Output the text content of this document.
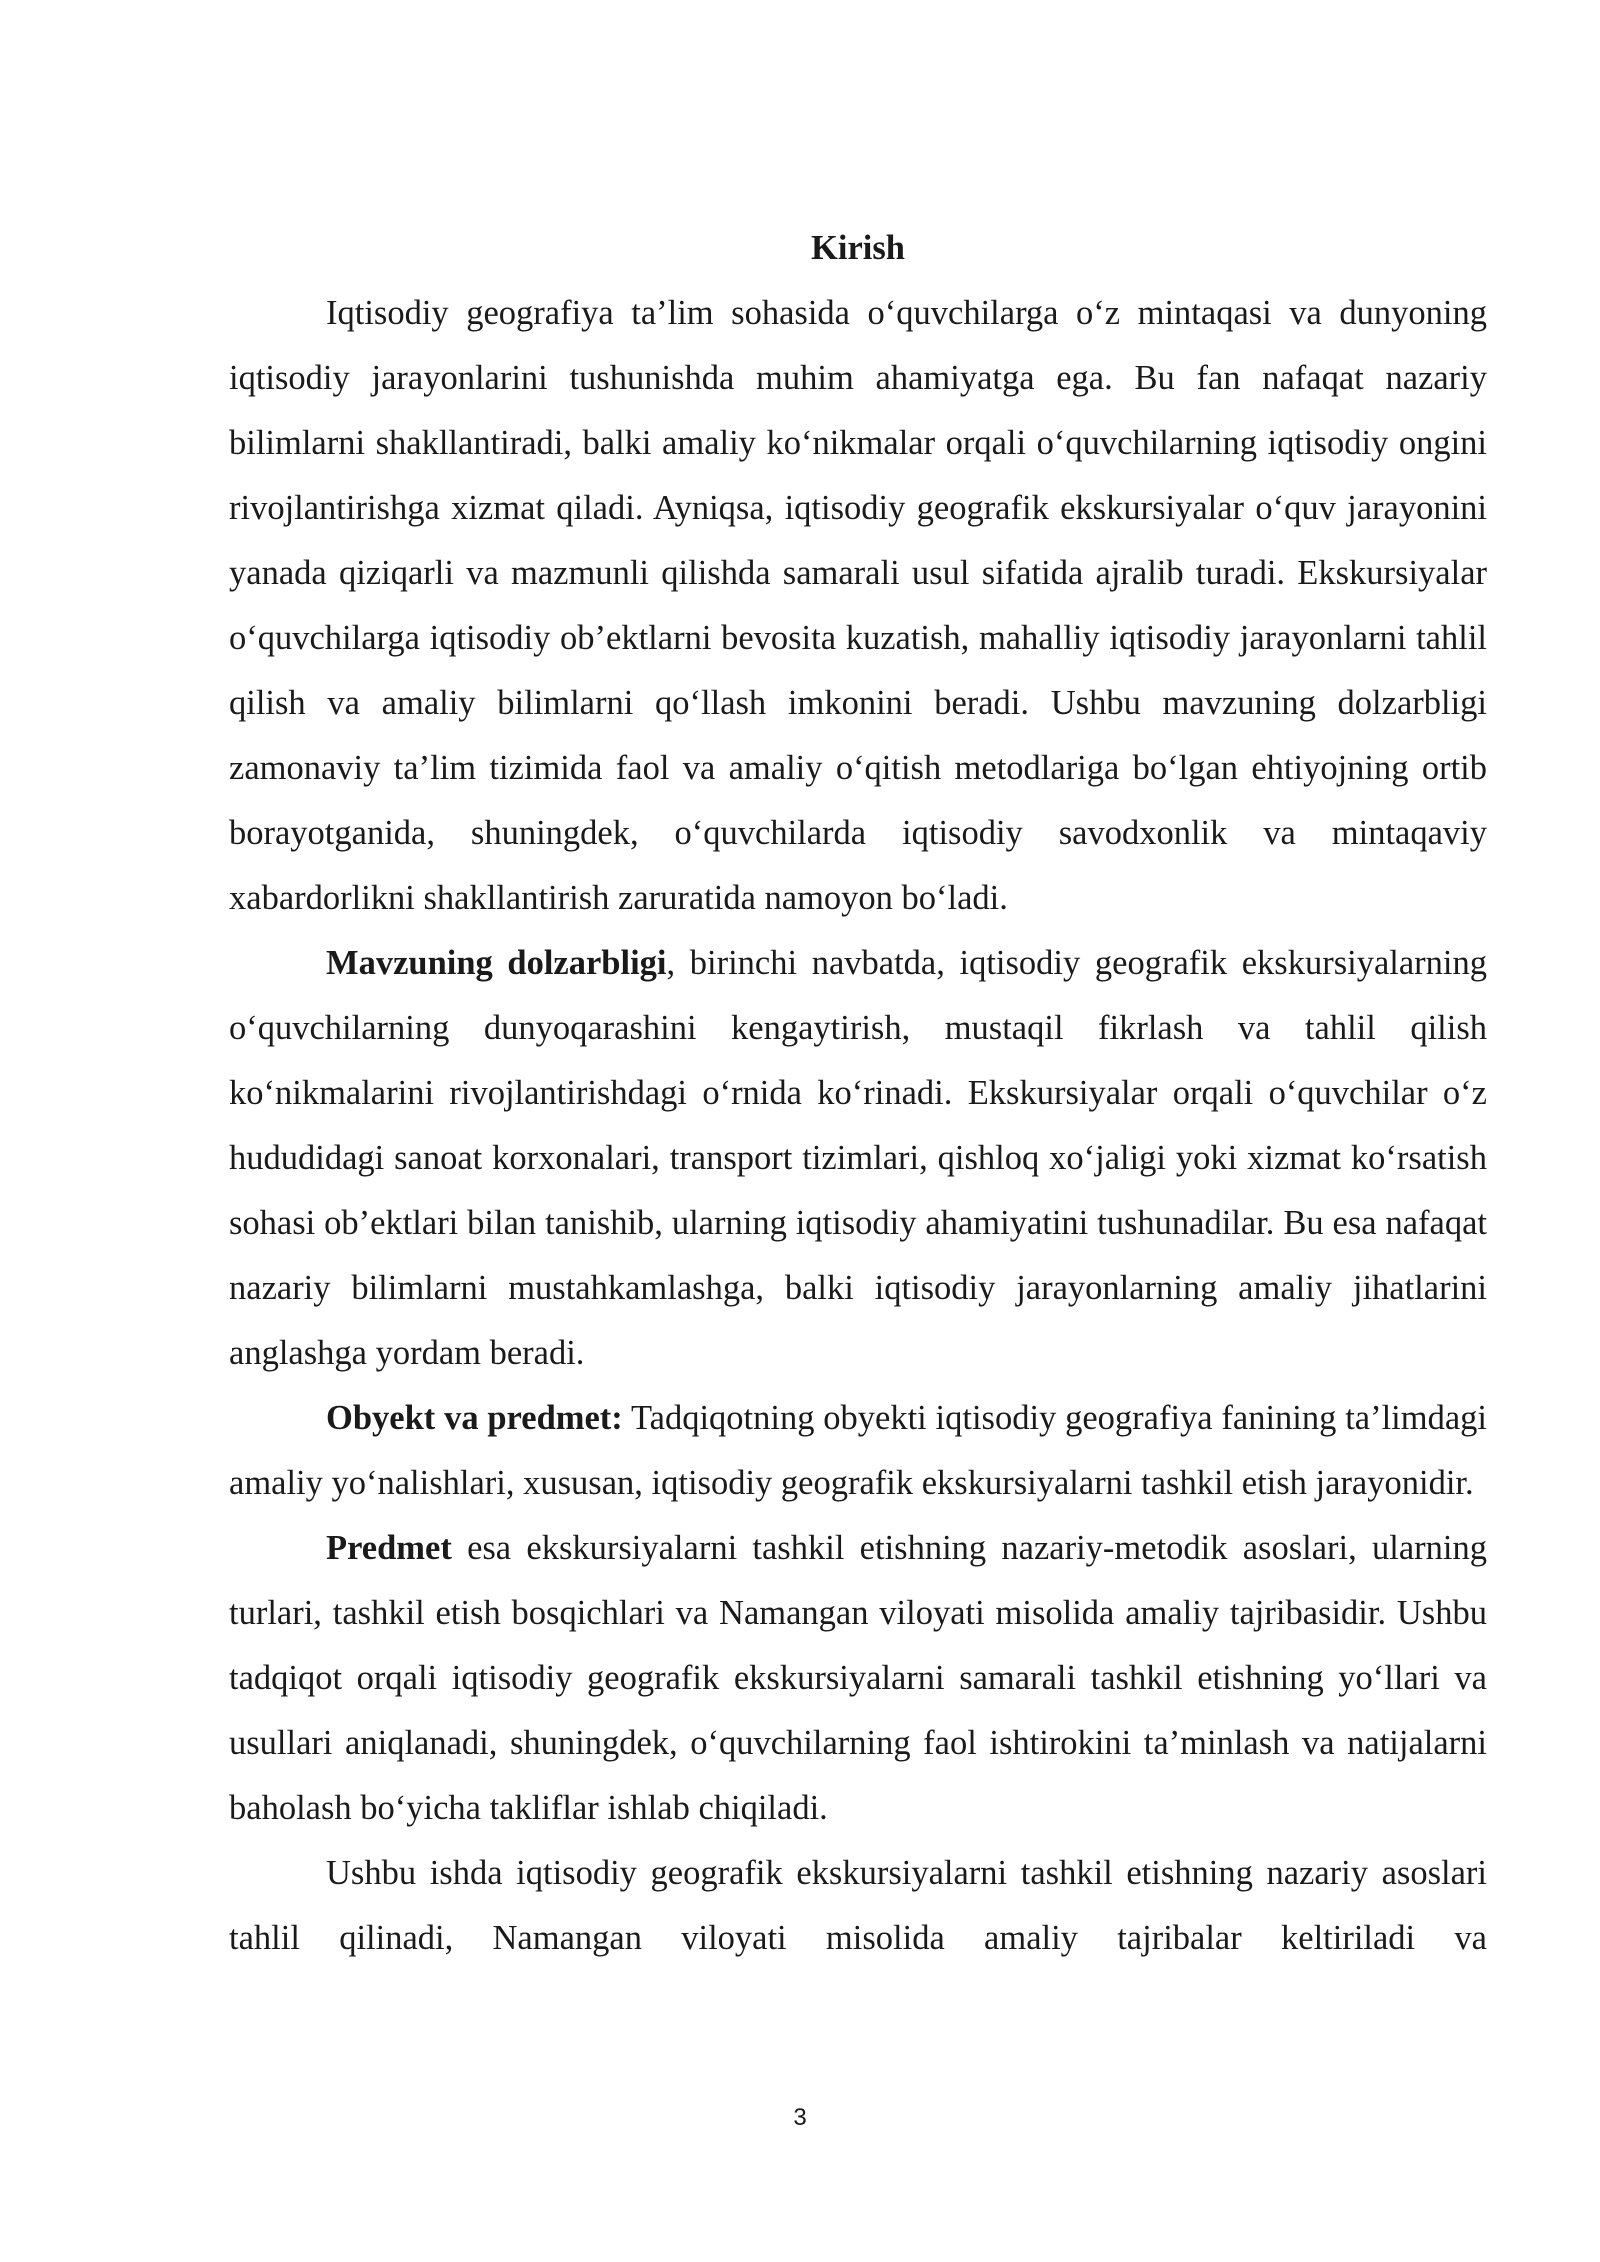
Kirish

Iqtisodiy geografiya ta’lim sohasida o‘quvchilarga o‘z mintaqasi va dunyoning iqtisodiy jarayonlarini tushunishda muhim ahamiyatga ega. Bu fan nafaqat nazariy bilimlarni shakllantiradi, balki amaliy ko‘nikmalar orqali o‘quvchilarning iqtisodiy ongini rivojlantirishga xizmat qiladi. Ayniqsa, iqtisodiy geografik ekskursiyalar o‘quv jarayonini yanada qiziqarli va mazmunli qilishda samarali usul sifatida ajralib turadi. Ekskursiyalar o‘quvchilarga iqtisodiy ob’ektlarni bevosita kuzatish, mahalliy iqtisodiy jarayonlarni tahlil qilish va amaliy bilimlarni qo‘llash imkonini beradi. Ushbu mavzuning dolzarbligi zamonaviy ta’lim tizimida faol va amaliy o‘qitish metodlariga bo‘lgan ehtiyojning ortib borayotganida, shuningdek, o‘quvchilarda iqtisodiy savodxonlik va mintaqaviy xabardorlikni shakllantirish zaruratida namoyon bo‘ladi.

Mavzuning dolzarbligi, birinchi navbatda, iqtisodiy geografik ekskursiyalarning o‘quvchilarning dunyoqarashini kengaytirish, mustaqil fikrlash va tahlil qilish ko‘nikmalarini rivojlantirishdagi o‘rnida ko‘rinadi. Ekskursiyalar orqali o‘quvchilar o‘z hududidagi sanoat korxonalari, transport tizimlari, qishloq xo‘jaligi yoki xizmat ko‘rsatish sohasi ob’ektlari bilan tanishib, ularning iqtisodiy ahamiyatini tushunadilar. Bu esa nafaqat nazariy bilimlarni mustahkamlashga, balki iqtisodiy jarayonlarning amaliy jihatlarini anglashga yordam beradi.

Obyekt va predmet: Tadqiqotning obyekti iqtisodiy geografiya fanining ta’limdagi amaliy yo‘nalishlari, xususan, iqtisodiy geografik ekskursiyalarni tashkil etish jarayonidir.

Predmet esa ekskursiyalarni tashkil etishning nazariy-metodik asoslari, ularning turlari, tashkil etish bosqichlari va Namangan viloyati misolida amaliy tajribasidir. Ushbu tadqiqot orqali iqtisodiy geografik ekskursiyalarni samarali tashkil etishning yo‘llari va usullari aniqlanadi, shuningdek, o‘quvchilarning faol ishtirokini ta’minlash va natijalarni baholash bo‘yicha takliflar ishlab chiqiladi.

Ushbu ishda iqtisodiy geografik ekskursiyalarni tashkil etishning nazariy asoslari tahlil qilinadi, Namangan viloyati misolida amaliy tajribalar keltiriladi va

3
